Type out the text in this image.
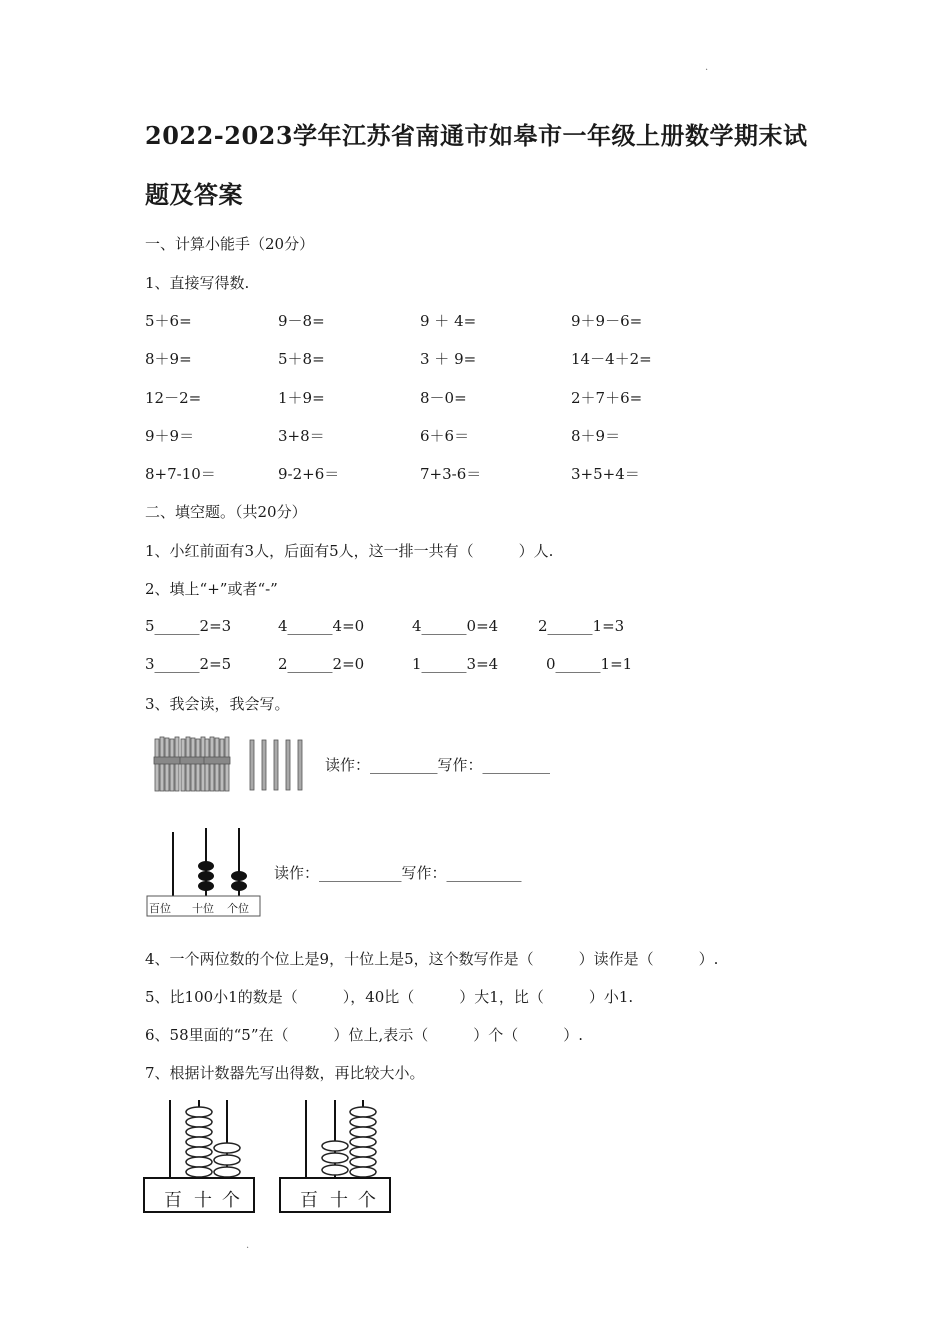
.
2022-2023学年江苏省南通市如皋市一年级上册数学期末试
题及答案
一、计算小能手（20分）
1、直接写得数.
5＋6=	9－8=	9 ＋ 4=	9＋9－6=
8＋9=	5＋8=	3 ＋ 9=	14－4＋2=
12－2=	1＋9=	8－0=	2＋7＋6=
9＋9＝	3+8＝	6＋6＝	8＋9＝
8+7-10＝	9-2+6＝	7+3-6＝	3+5+4＝
二、填空题。（共20分）
1、小红前面有3人，后面有5人，这一排一共有（　　　）人.
2、填上“+”或者“-”
5______2=3	4______4=0	4______0=4	2______1=3
3______2=5	2______2=0	1______3=4	0______1=1
3、我会读，我会写。
读作：_________写作：_________
百位 十位 个位
读作：___________写作：__________
4、一个两位数的个位上是9，十位上是5，这个数写作是（　　　）读作是（　　　）.
5、比100小1的数是（　　　），40比（　　　）大1，比（　　　）小1.
6、58里面的“5”在（　　　）位上,表示（　　　）个（　　　）.
7、根据计数器先写出得数，再比较大小。
百 十 个	百 十 个
.
